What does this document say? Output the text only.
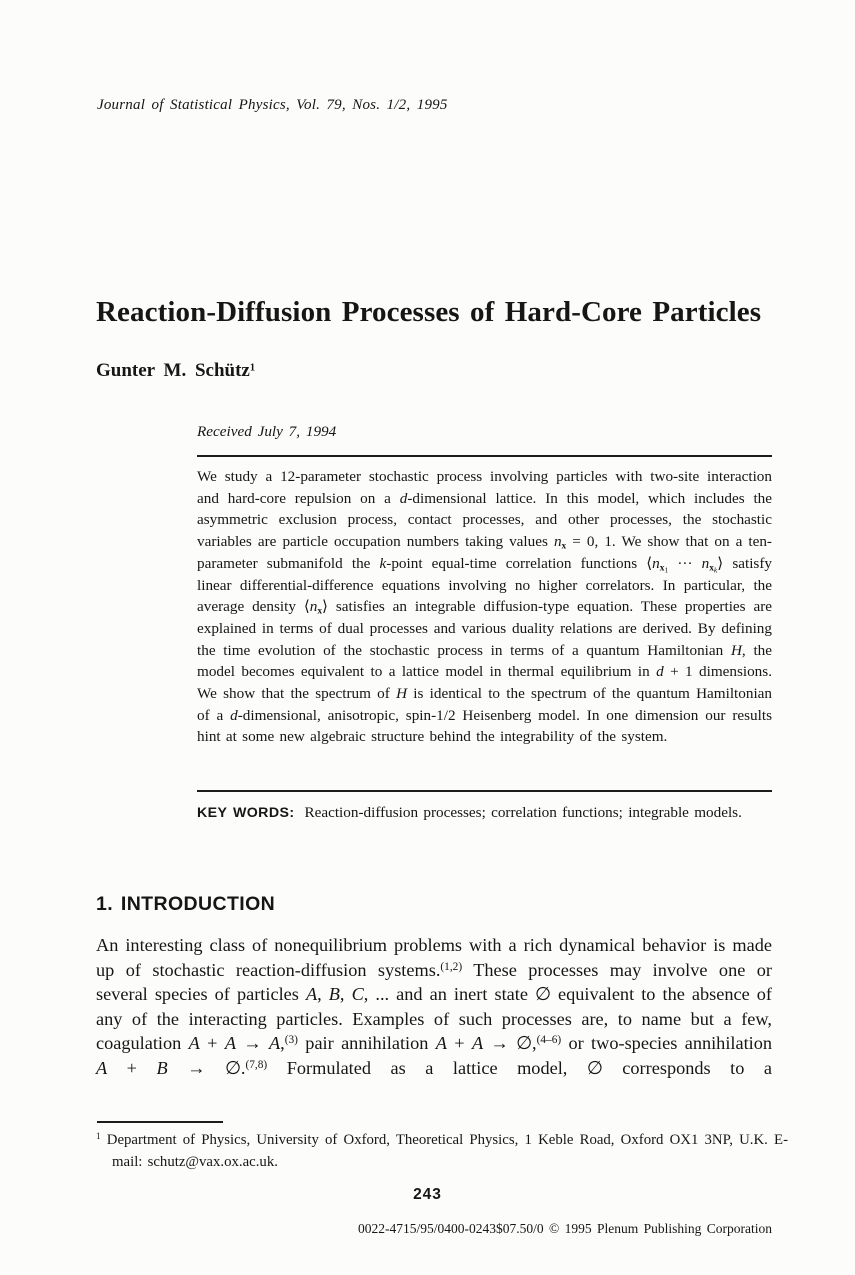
Journal of Statistical Physics, Vol. 79, Nos. 1/2, 1995
Reaction-Diffusion Processes of Hard-Core Particles
Gunter M. Schütz$^1$
Received July 7, 1994
We study a 12-parameter stochastic process involving particles with two-site interaction and hard-core repulsion on a d-dimensional lattice. In this model, which includes the asymmetric exclusion process, contact processes, and other processes, the stochastic variables are particle occupation numbers taking values $n_x = 0$, 1. We show that on a ten-parameter submanifold the k-point equal-time correlation functions $⟨n_{x1}$ ··· $n_{xk}⟩$ satisfy linear differential-difference equations involving no higher correlators. In particular, the average density $⟨n_x⟩$ satisfies an integrable diffusion-type equation. These properties are explained in terms of dual processes and various duality relations are derived. By defining the time evolution of the stochastic process in terms of a quantum Hamiltonian H, the model becomes equivalent to a lattice model in thermal equilibrium in d + 1 dimensions. We show that the spectrum of H is identical to the spectrum of the quantum Hamiltonian of a d-dimensional, anisotropic, spin-1/2 Heisenberg model. In one dimension our results hint at some new algebraic structure behind the integrability of the system.
KEY WORDS: Reaction-diffusion processes; correlation functions; integrable models.
1. INTRODUCTION
An interesting class of nonequilibrium problems with a rich dynamical behavior is made up of stochastic reaction-diffusion systems.$^{(1,2)}$ These processes may involve one or several species of particles A, B, C, ... and an inert state ∅ equivalent to the absence of any of the interacting particles. Examples of such processes are, to name but a few, coagulation A + A → A,$^{(3)}$ pair annihilation A + A → ∅,$^{(4-6)}$ or two-species annihilation A + B → ∅.$^{(7,8)}$ Formulated as a lattice model, ∅ corresponds to a
$^1$ Department of Physics, University of Oxford, Theoretical Physics, 1 Keble Road, Oxford OX1 3NP, U.K. E-mail: schutz@vax.ox.ac.uk.
243
0022-4715/95/0400-0243$07.50/0 © 1995 Plenum Publishing Corporation
